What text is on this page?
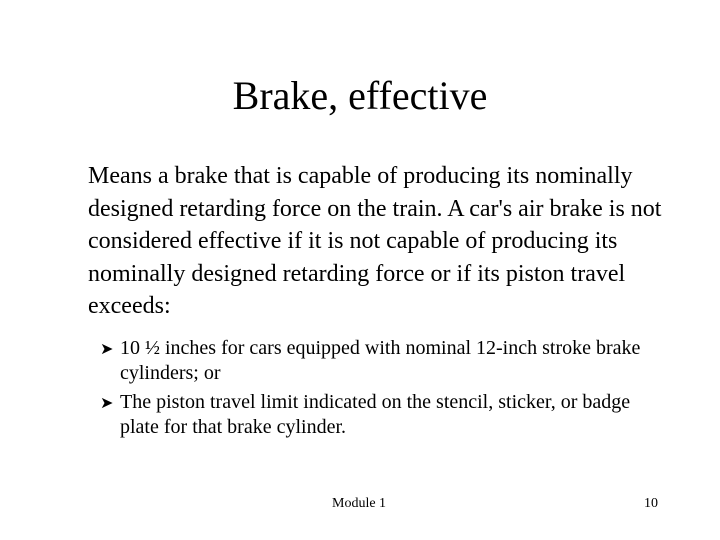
Brake, effective

Means a brake that is capable of producing its nominally designed retarding force on the train. A car's air brake is not considered effective if it is not capable of producing its nominally designed retarding force or if its piston travel exceeds:

➤ 10 ½ inches for cars equipped with nominal 12-inch stroke brake cylinders; or
➤ The piston travel limit indicated on the stencil, sticker, or badge plate for that brake cylinder.
Module 1	10
